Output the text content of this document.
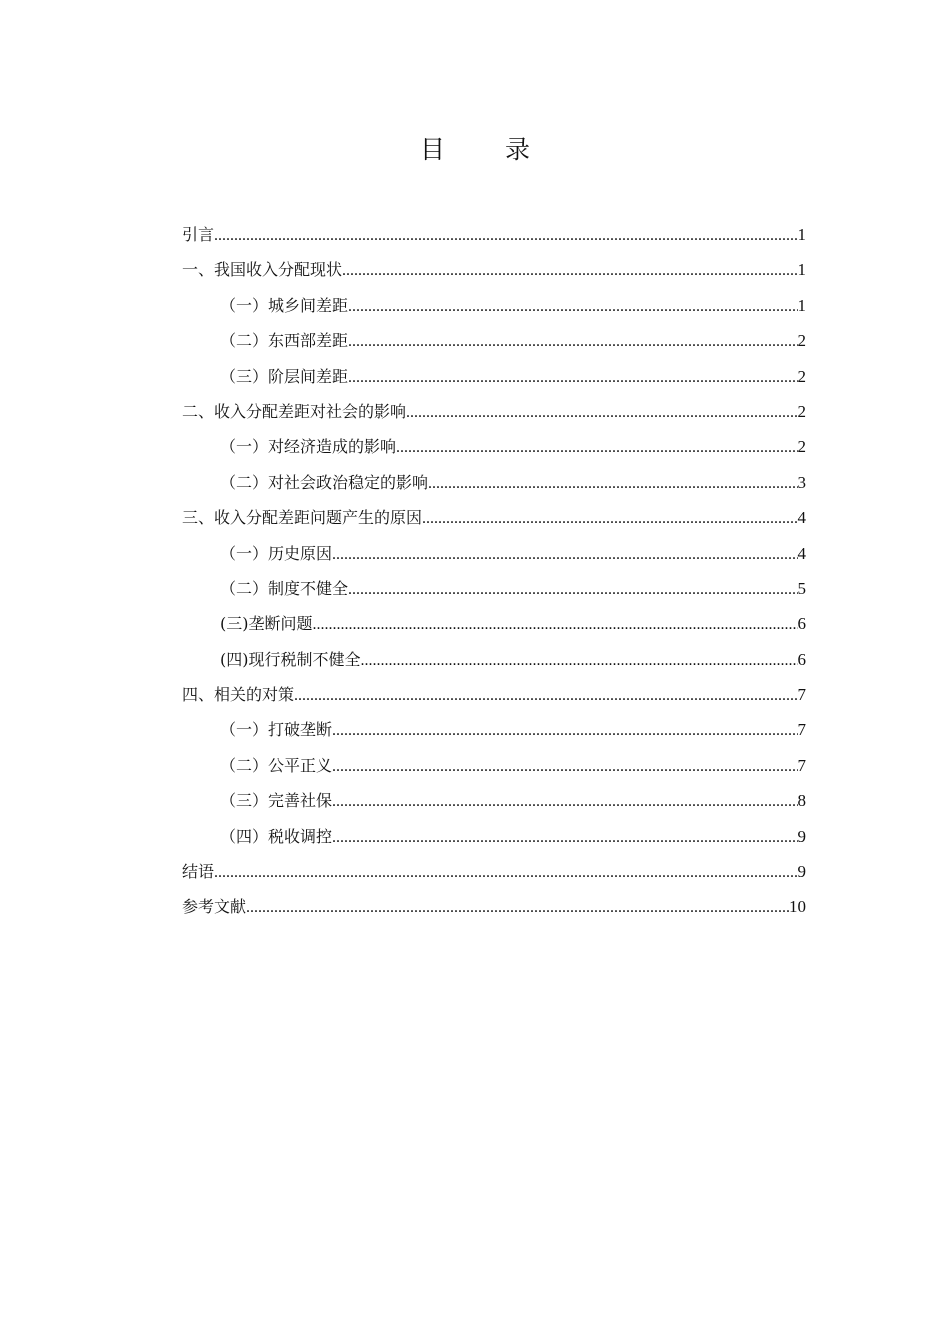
目 录
引言 .....	1
一、我国收入分配现状 .....	1
（一）城乡间差距 .....	1
（二）东西部差距 .....	2
（三）阶层间差距 .....	2
二、收入分配差距对社会的影响 .....	2
（一）对经济造成的影响 .....	2
（二）对社会政治稳定的影响 .....	3
三、收入分配差距问题产生的原因 .....	4
（一）历史原因 .....	4
（二）制度不健全 .....	5
(三)垄断问题 .....	6
(四)现行税制不健全 .....	6
四、相关的对策 .....	7
（一）打破垄断 .....	7
（二）公平正义 .....	7
（三）完善社保 .....	8
（四）税收调控 .....	9
结语 .....	9
参考文献 .....	10
